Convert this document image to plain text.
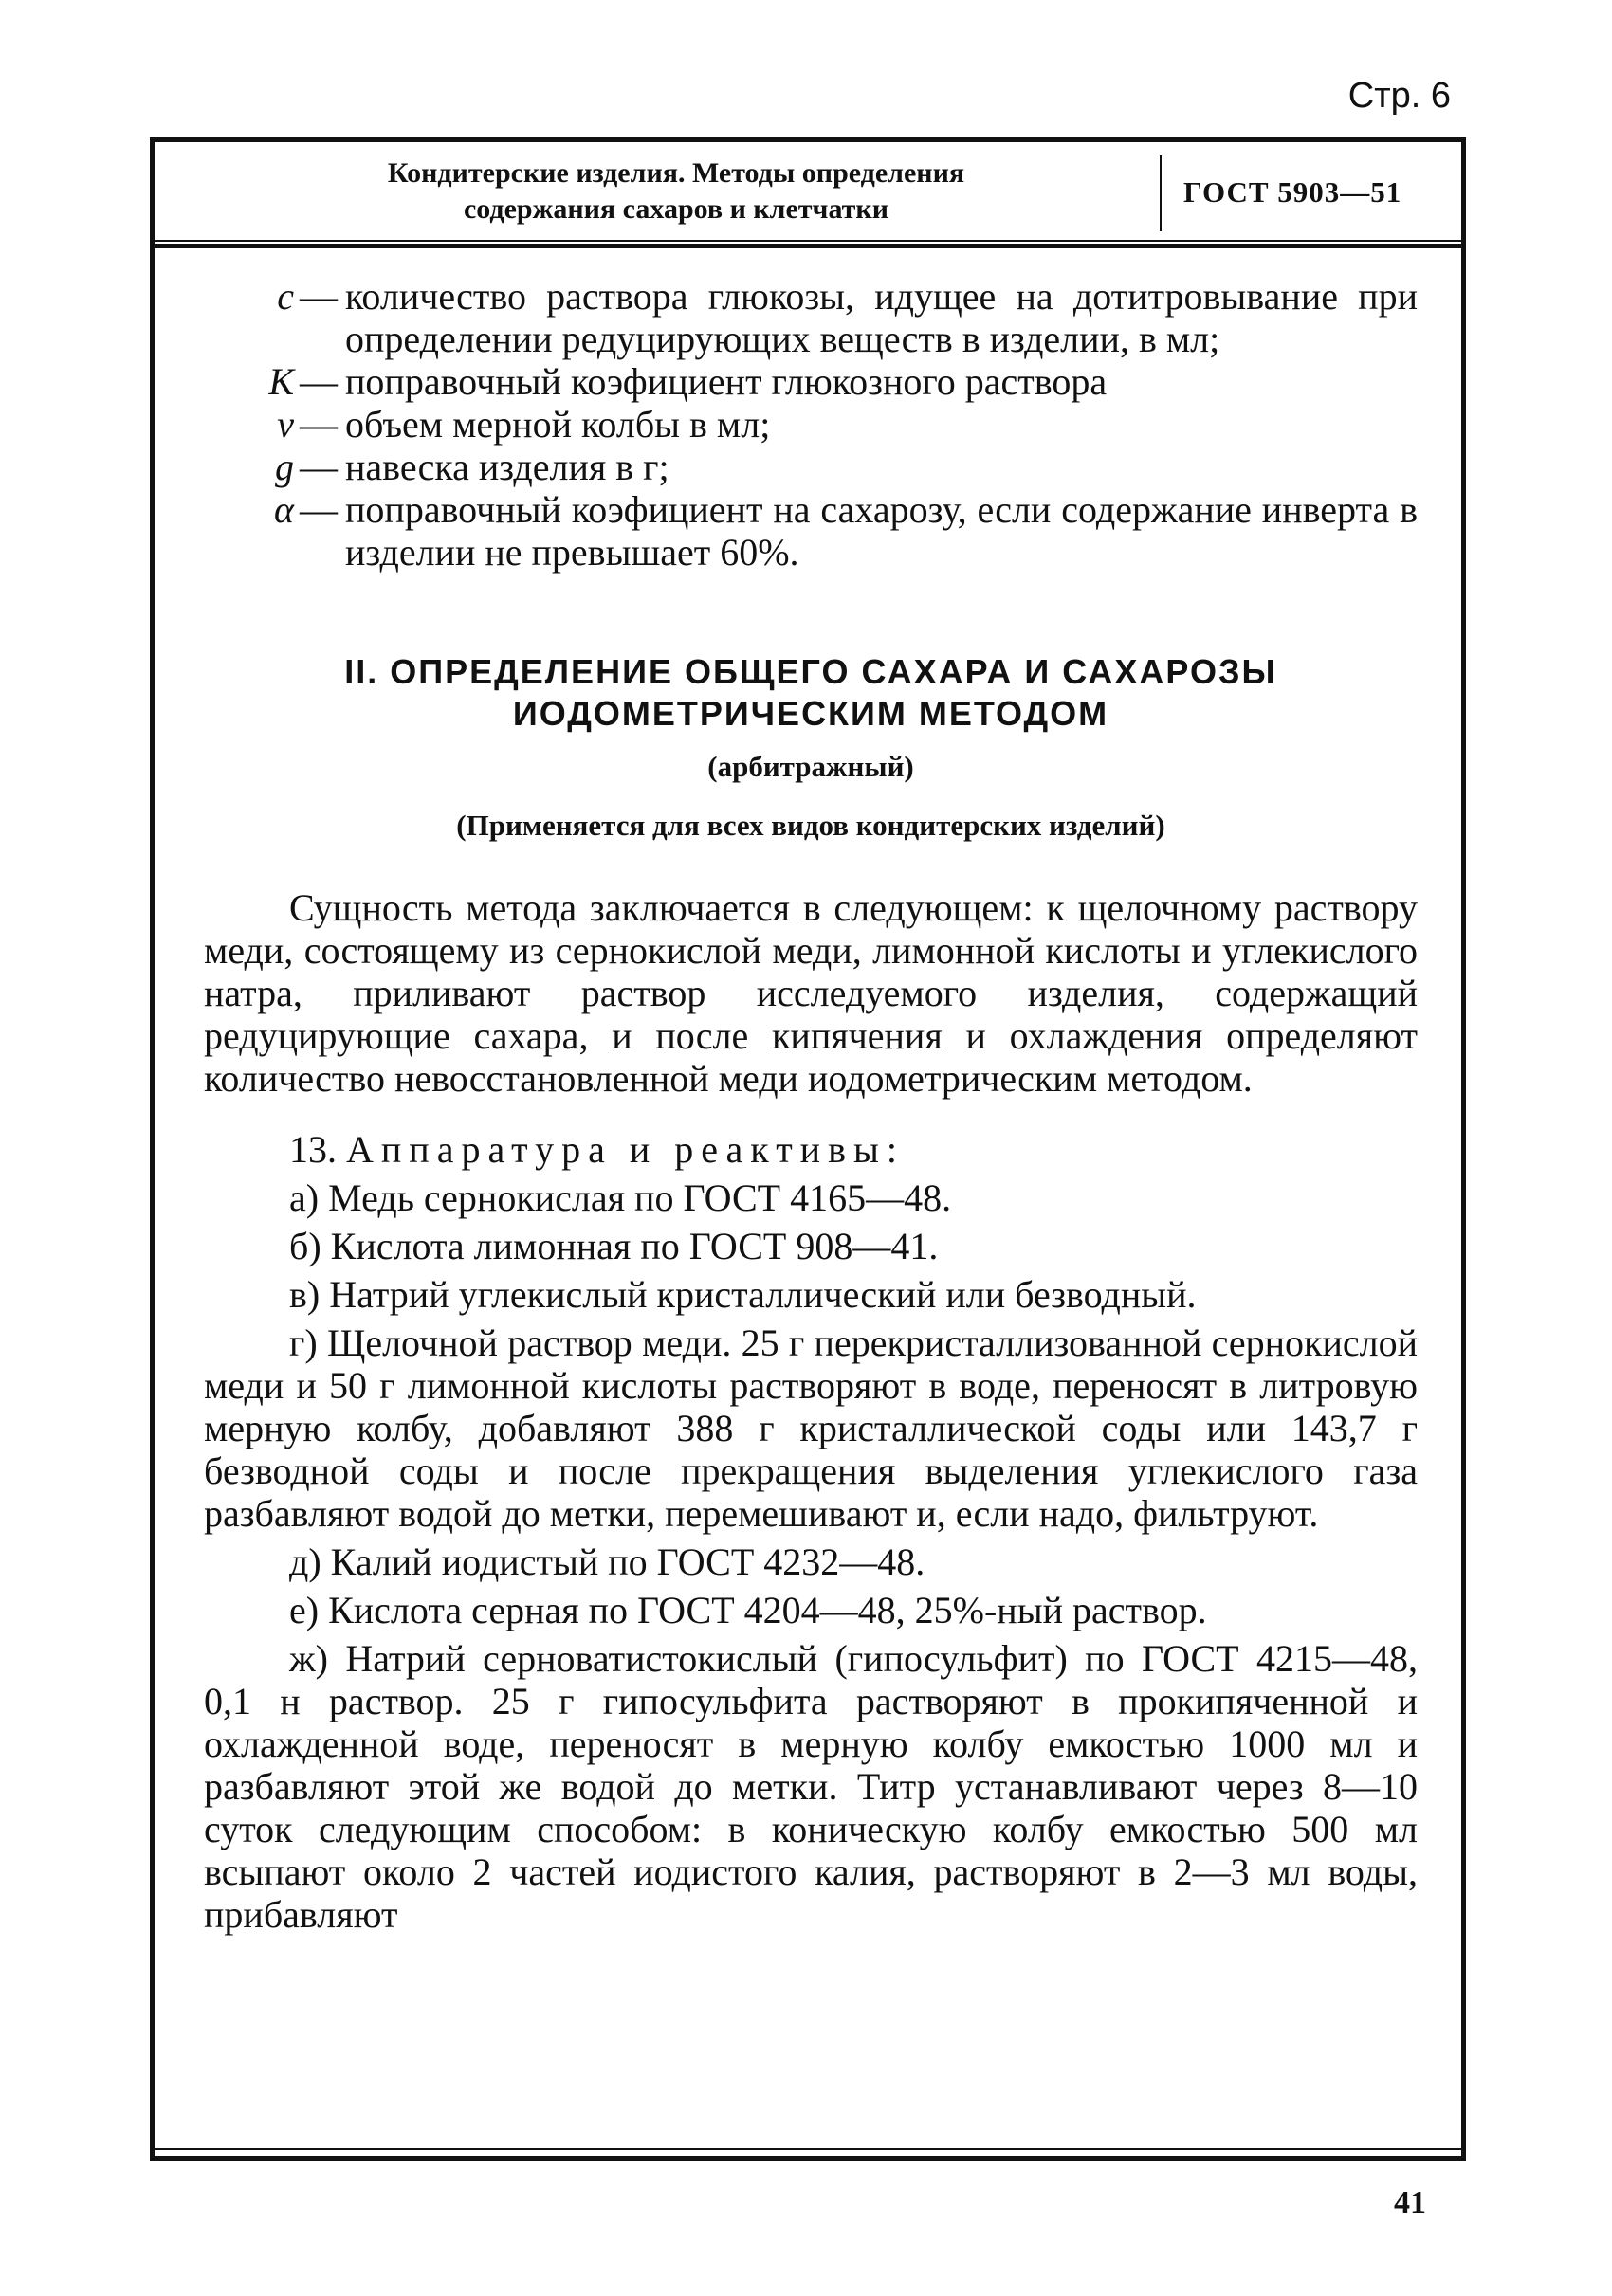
Стр. 6
Кондитерские изделия. Методы определения
содержания сахаров и клетчатки
ГОСТ 5903—51
c — количество раствора глюкозы, идущее на дотитровывание при определении редуцирующих веществ в изделии, в мл;
K — поправочный коэфициент глюкозного раствора
v — объем мерной колбы в мл;
g — навеска изделия в г;
α — поправочный коэфициент на сахарозу, если содержание инверта в изделии не превышает 60%.
II. ОПРЕДЕЛЕНИЕ ОБЩЕГО САХАРА И САХАРОЗЫ
ИОДОМЕТРИЧЕСКИМ МЕТОДОМ
(арбитражный)
(Применяется для всех видов кондитерских изделий)
Сущность метода заключается в следующем: к щелочному раствору меди, состоящему из сернокислой меди, лимонной кислоты и углекислого натра, приливают раствор исследуемого изделия, содержащий редуцирующие сахара, и после кипячения и охлаждения определяют количество невосстановленной меди иодометрическим методом.
13. Аппаратура и реактивы:
а) Медь сернокислая по ГОСТ 4165—48.
б) Кислота лимонная по ГОСТ 908—41.
в) Натрий углекислый кристаллический или безводный.
г) Щелочной раствор меди. 25 г перекристаллизованной сернокислой меди и 50 г лимонной кислоты растворяют в воде, переносят в литровую мерную колбу, добавляют 388 г кристаллической соды или 143,7 г безводной соды и после прекращения выделения углекислого газа разбавляют водой до метки, перемешивают и, если надо, фильтруют.
д) Калий иодистый по ГОСТ 4232—48.
е) Кислота серная по ГОСТ 4204—48, 25%-ный раствор.
ж) Натрий серноватистокислый (гипосульфит) по ГОСТ 4215—48, 0,1 н раствор. 25 г гипосульфита растворяют в прокипяченной и охлажденной воде, переносят в мерную колбу емкостью 1000 мл и разбавляют этой же водой до метки. Титр устанавливают через 8—10 суток следующим способом: в коническую колбу емкостью 500 мл всыпают около 2 частей иодистого калия, растворяют в 2—3 мл воды, прибавляют
41
